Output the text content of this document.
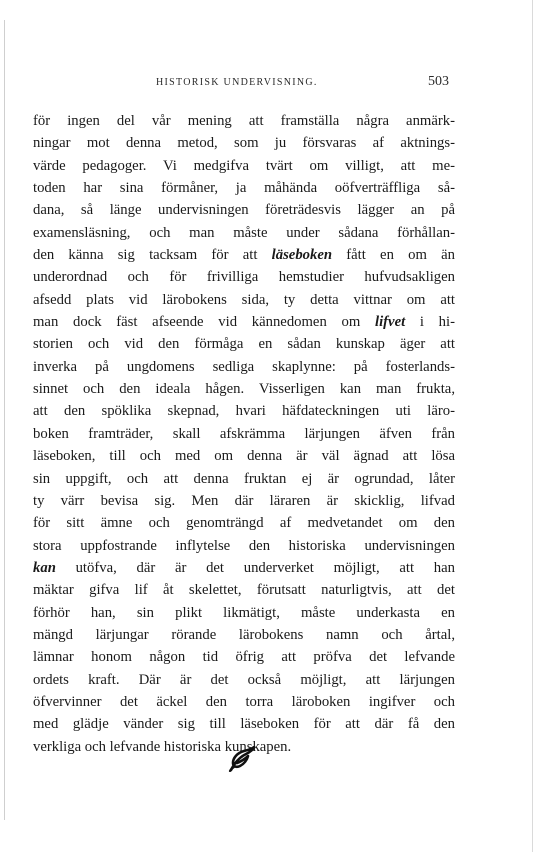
HISTORISK UNDERVISNING.	503
för ingen del vår mening att framställa några anmärk-
ningar mot denna metod, som ju försvaras af aktnings-
värde pedagoger. Vi medgifva tvärt om villigt, att me-
toden har sina förmåner, ja måhända oöfverträffliga så-
dana, så länge undervisningen företrädesvis lägger an på
examensläsning, och man måste under sådana förhållan-
den känna sig tacksam för att läseboken fått en om än
underordnad och för frivilliga hemstudier hufvudsakligen
afsedd plats vid lärobokens sida, ty detta vittnar om att
man dock fäst afseende vid kännedomen om lifvet i hi-
storien och vid den förmåga en sådan kunskap äger att
inverka på ungdomens sedliga skaplynne: på fosterlands-
sinnet och den ideala hågen. Visserligen kan man frukta,
att den spöklika skepnad, hvari häfdateckningen uti läro-
boken framträder, skall afskrämma lärjungen äfven från
läseboken, till och med om denna är väl ägnad att lösa
sin uppgift, och att denna fruktan ej är ogrundad, låter
ty värr bevisa sig. Men där läraren är skicklig, lifvad
för sitt ämne och genomträngd af medvetandet om den
stora uppfostrande inflytelse den historiska undervisningen
kan utöfva, där är det underverket möjligt, att han
mäktar gifva lif åt skelettet, förutsatt naturligtvis, att det
förhör han, sin plikt likmätigt, måste underkasta en
mängd lärjungar rörande lärobokens namn och årtal,
lämnar honom någon tid öfrig att pröfva det lefvande
ordets kraft. Där är det också möjligt, att lärjungen
öfvervinner det äckel den torra läroboken ingifver och
med glädje vänder sig till läseboken för att där få den
verkliga och lefvande historiska kunskapen.
